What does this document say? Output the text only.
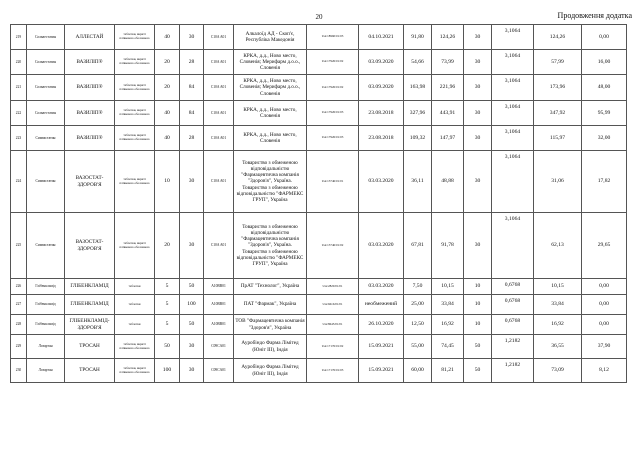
20	Продовження додатка
219	Сольвестатин	АЛЛЕСТАЙ	таблетки, вкриті плівковою оболонкою	40	30	C10A A01	Алкалоїд АД - Скоп'є, Республіка Македонія	UA/18960/01/03	04.10.2021	91,80	124,26	30	3,1064	124,26	0,00
220	Сольвестатин	ВАЗИЛІП®	таблетки, вкриті плівковою оболонкою	20	28	C10A A01	КРКА, д.д., Ново место, Словенія; Мерифарм д.о.о., Словенія	UA/17926/01/02	03.09.2020	54,66	73,99	30	3,1064	57,99	16,00
221	Сольвестатин	ВАЗИЛІП®	таблетки, вкриті плівковою оболонкою	20	84	C10A A01	КРКА, д.д., Ново место, Словенія; Мерифарм д.о.о., Словенія	UA/17926/01/02	03.09.2020	163,98	221,96	30	3,1064	173,96	48,00
222	Сольвестатин	ВАЗИЛІП®	таблетки, вкриті плівковою оболонкою	40	84	C10A A01	КРКА, д.д., Ново место, Словенія	UA/17926/01/03	23.08.2018	327,96	443,91	30	3,1064	347,92	95,99
223	Симвастатин	ВАЗИЛІП®	таблетки, вкриті плівковою оболонкою	40	28	C10A A01	КРКА, д.д., Ново место, Словенія	UA/17926/01/03	23.08.2018	109,32	147,97	30	3,1064	115,97	32,00
224	Симвастатин	ВАЗОСТАТ-ЗДОРОВ'Я	таблетки, вкриті плівковою оболонкою	10	30	C10A A01	Товариство з обмеженою відповідальністю "Фармацевтична компанія "Здоров'я", Україна. Товариство з обмеженою відповідальністю "ФАРМЕКС ГРУП", Україна	UA/13746/01/01	03.03.2020	36,11	48,88	30	3,1064	31,06	17,82
225	Симвастатин	ВАЗОСТАТ-ЗДОРОВ'Я	таблетки, вкриті плівковою оболонкою	20	30	C10A A01	Товариство з обмеженою відповідальністю "Фармацевтична компанія "Здоров'я", Україна. Товариство з обмеженою відповідальністю "ФАРМЕКС ГРУП", Україна	UA/13746/01/02	03.03.2020	67,81	91,78	30	3,1064	62,13	29,65
226	Глібенкламід	ГЛІБЕНКЛАМІД	таблетки	5	50	A10BB01	ПрАТ "Технолог", Україна	UA/2820/01/01	03.03.2020	7,50	10,15	10	0,6768	10,15	0,00
227	Глібенкламід	ГЛІБЕНКЛАМІД	таблетки	5	100	A10BB01	ПАТ "Фармак", Україна	UA/6616/01/01	необмежений	25,00	33,84	10	0,6768	33,84	0,00
228	Глібенкламід	ГЛІБЕНКЛАМІД-ЗДОРОВ'Я	таблетки	5	50	A10BB01	ТОВ "Фармацевтична компанія "Здоров'я", Україна	UA/8645/01/01	26.10.2020	12,50	16,92	10	0,6768	16,92	0,00
229	Лозартан	ТРОСАН	таблетки, вкриті плівковою оболонкою	50	30	C09CA01	Ауробіндо Фарма Лімітед (Юніт III), Індія	UA/17176/01/02	15.09.2021	55,00	74,45	50	1,2182	36,55	37,90
230	Лозартан	ТРОСАН	таблетки, вкриті плівковою оболонкою	100	30	C09CA01	Ауробіндо Фарма Лімітед (Юніт III), Індія	UA/17176/01/03	15.09.2021	60,00	81,21	50	1,2182	73,09	8,12
